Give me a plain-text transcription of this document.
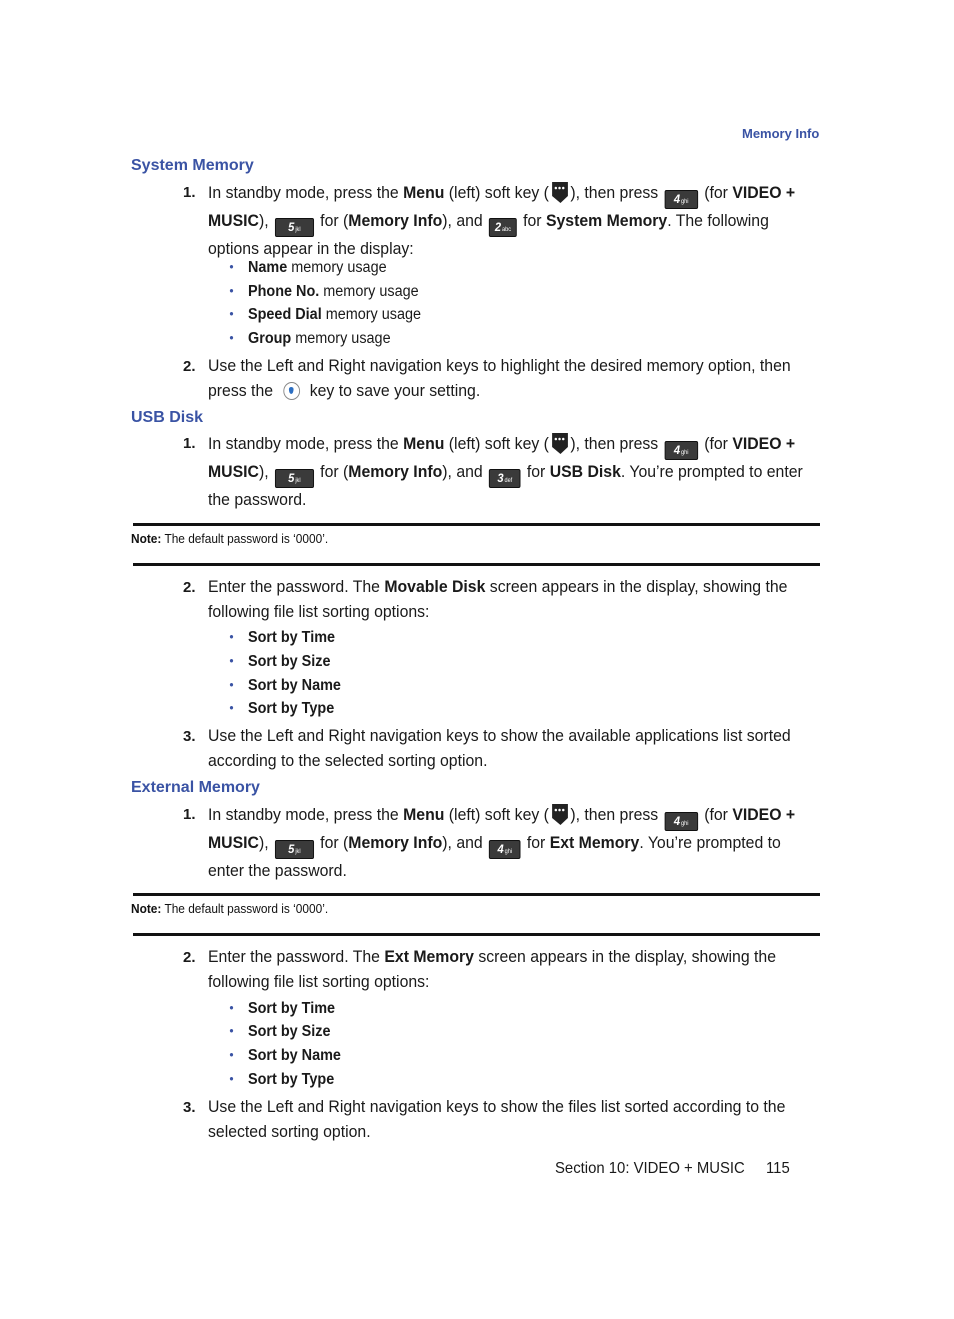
Memory Info
System Memory
1. In standby mode, press the Menu (left) soft key ( ), then press 4ghi (for VIDEO +
MUSIC), 5jkl for (Memory Info), and 2abc for System Memory. The following
options appear in the display:
• Name memory usage
• Phone No. memory usage
• Speed Dial memory usage
• Group memory usage
2. Use the Left and Right navigation keys to highlight the desired memory option, then
press the  key to save your setting.
USB Disk
1. In standby mode, press the Menu (left) soft key ( ), then press 4ghi (for VIDEO +
MUSIC), 5jkl for (Memory Info), and 3def for USB Disk. You’re prompted to enter
the password.
Note: The default password is ‘0000’.
2. Enter the password. The Movable Disk screen appears in the display, showing the
following file list sorting options:
• Sort by Time
• Sort by Size
• Sort by Name
• Sort by Type
3. Use the Left and Right navigation keys to show the available applications list sorted
according to the selected sorting option.
External Memory
1. In standby mode, press the Menu (left) soft key ( ), then press 4ghi (for VIDEO +
MUSIC), 5jkl for (Memory Info), and 4ghi for Ext Memory. You’re prompted to
enter the password.
Note: The default password is ‘0000’.
2. Enter the password. The Ext Memory screen appears in the display, showing the
following file list sorting options:
• Sort by Time
• Sort by Size
• Sort by Name
• Sort by Type
3. Use the Left and Right navigation keys to show the files list sorted according to the
selected sorting option.
Section 10: VIDEO + MUSIC 115
